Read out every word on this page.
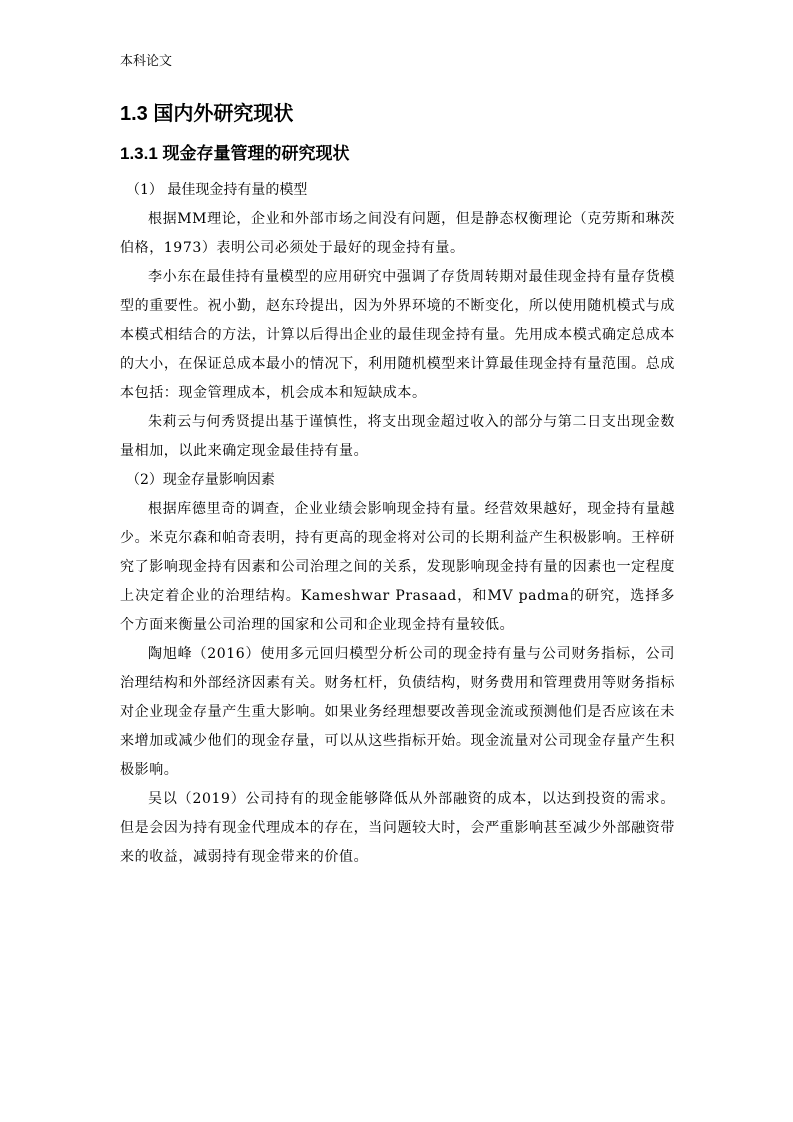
本科论文
1.3 国内外研究现状
1.3.1 现金存量管理的研究现状
（1） 最佳现金持有量的模型

根据MM理论，企业和外部市场之间没有问题，但是静态权衡理论（克劳斯和琳茨伯格，1973）表明公司必须处于最好的现金持有量。

李小东在最佳持有量模型的应用研究中强调了存货周转期对最佳现金持有量存货模型的重要性。祝小勤，赵东玲提出，因为外界环境的不断变化，所以使用随机模式与成本模式相结合的方法，计算以后得出企业的最佳现金持有量。先用成本模式确定总成本的大小，在保证总成本最小的情况下，利用随机模型来计算最佳现金持有量范围。总成本包括：现金管理成本，机会成本和短缺成本。

朱莉云与何秀贤提出基于谨慎性，将支出现金超过收入的部分与第二日支出现金数量相加，以此来确定现金最佳持有量。

（2）现金存量影响因素

根据库德里奇的调查，企业业绩会影响现金持有量。经营效果越好，现金持有量越少。米克尔森和帕奇表明，持有更高的现金将对公司的长期利益产生积极影响。王梓研究了影响现金持有因素和公司治理之间的关系，发现影响现金持有量的因素也一定程度上决定着企业的治理结构。Kameshwar Prasaad，和MV padma的研究，选择多个方面来衡量公司治理的国家和公司和企业现金持有量较低。

陶旭峰（2016）使用多元回归模型分析公司的现金持有量与公司财务指标，公司治理结构和外部经济因素有关。财务杠杆，负债结构，财务费用和管理费用等财务指标对企业现金存量产生重大影响。如果业务经理想要改善现金流或预测他们是否应该在未来增加或减少他们的现金存量，可以从这些指标开始。现金流量对公司现金存量产生积极影响。

吴以（2019）公司持有的现金能够降低从外部融资的成本，以达到投资的需求。但是会因为持有现金代理成本的存在，当问题较大时，会严重影响甚至减少外部融资带来的收益，减弱持有现金带来的价值。
